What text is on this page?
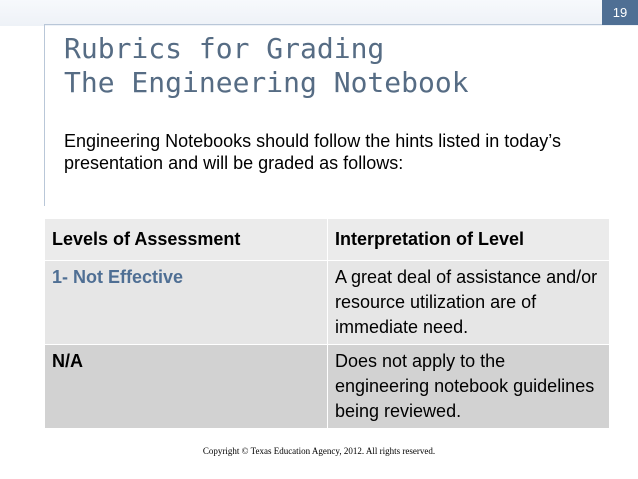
19
Rubrics for Grading
The Engineering Notebook

Engineering Notebooks should follow the hints listed in today’s presentation and will be graded as follows:

Levels of Assessment	Interpretation of Level
1- Not Effective	A great deal of assistance and/or resource utilization are of immediate need.
N/A	Does not apply to the engineering notebook guidelines being reviewed.
Copyright © Texas Education Agency, 2012. All rights reserved.
